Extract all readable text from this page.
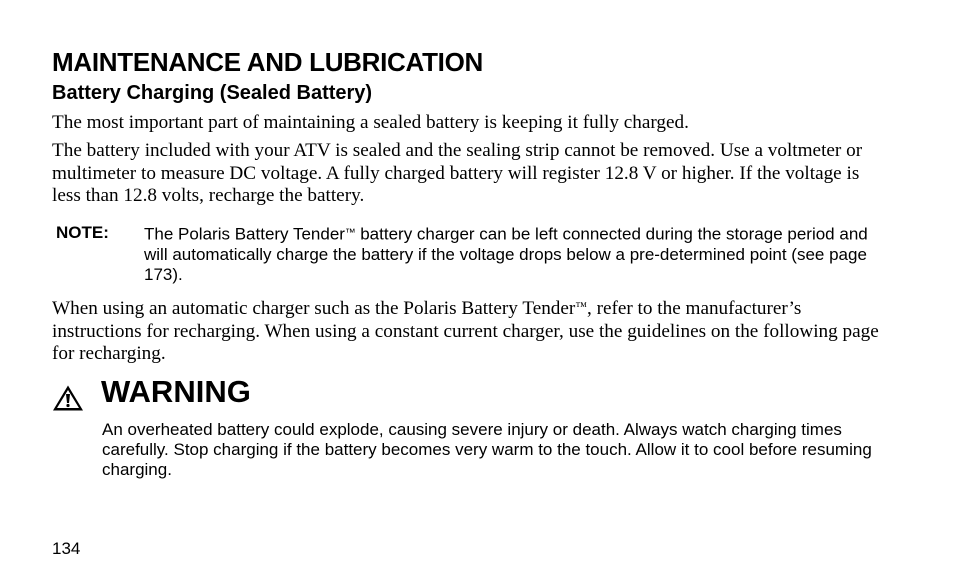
MAINTENANCE AND LUBRICATION
Battery Charging (Sealed Battery)

The most important part of maintaining a sealed battery is keeping it fully charged.

The battery included with your ATV is sealed and the sealing strip cannot be removed. Use a voltmeter or multimeter to measure DC voltage. A fully charged battery will register 12.8 V or higher. If the voltage is less than 12.8 volts, recharge the battery.

NOTE: The Polaris Battery Tender™ battery charger can be left connected during the storage period and will automatically charge the battery if the voltage drops below a pre-determined point (see page 173).

When using an automatic charger such as the Polaris Battery Tender™, refer to the manufacturer’s instructions for recharging. When using a constant current charger, use the guidelines on the following page for recharging.

WARNING
An overheated battery could explode, causing severe injury or death. Always watch charging times carefully. Stop charging if the battery becomes very warm to the touch. Allow it to cool before resuming charging.
134
